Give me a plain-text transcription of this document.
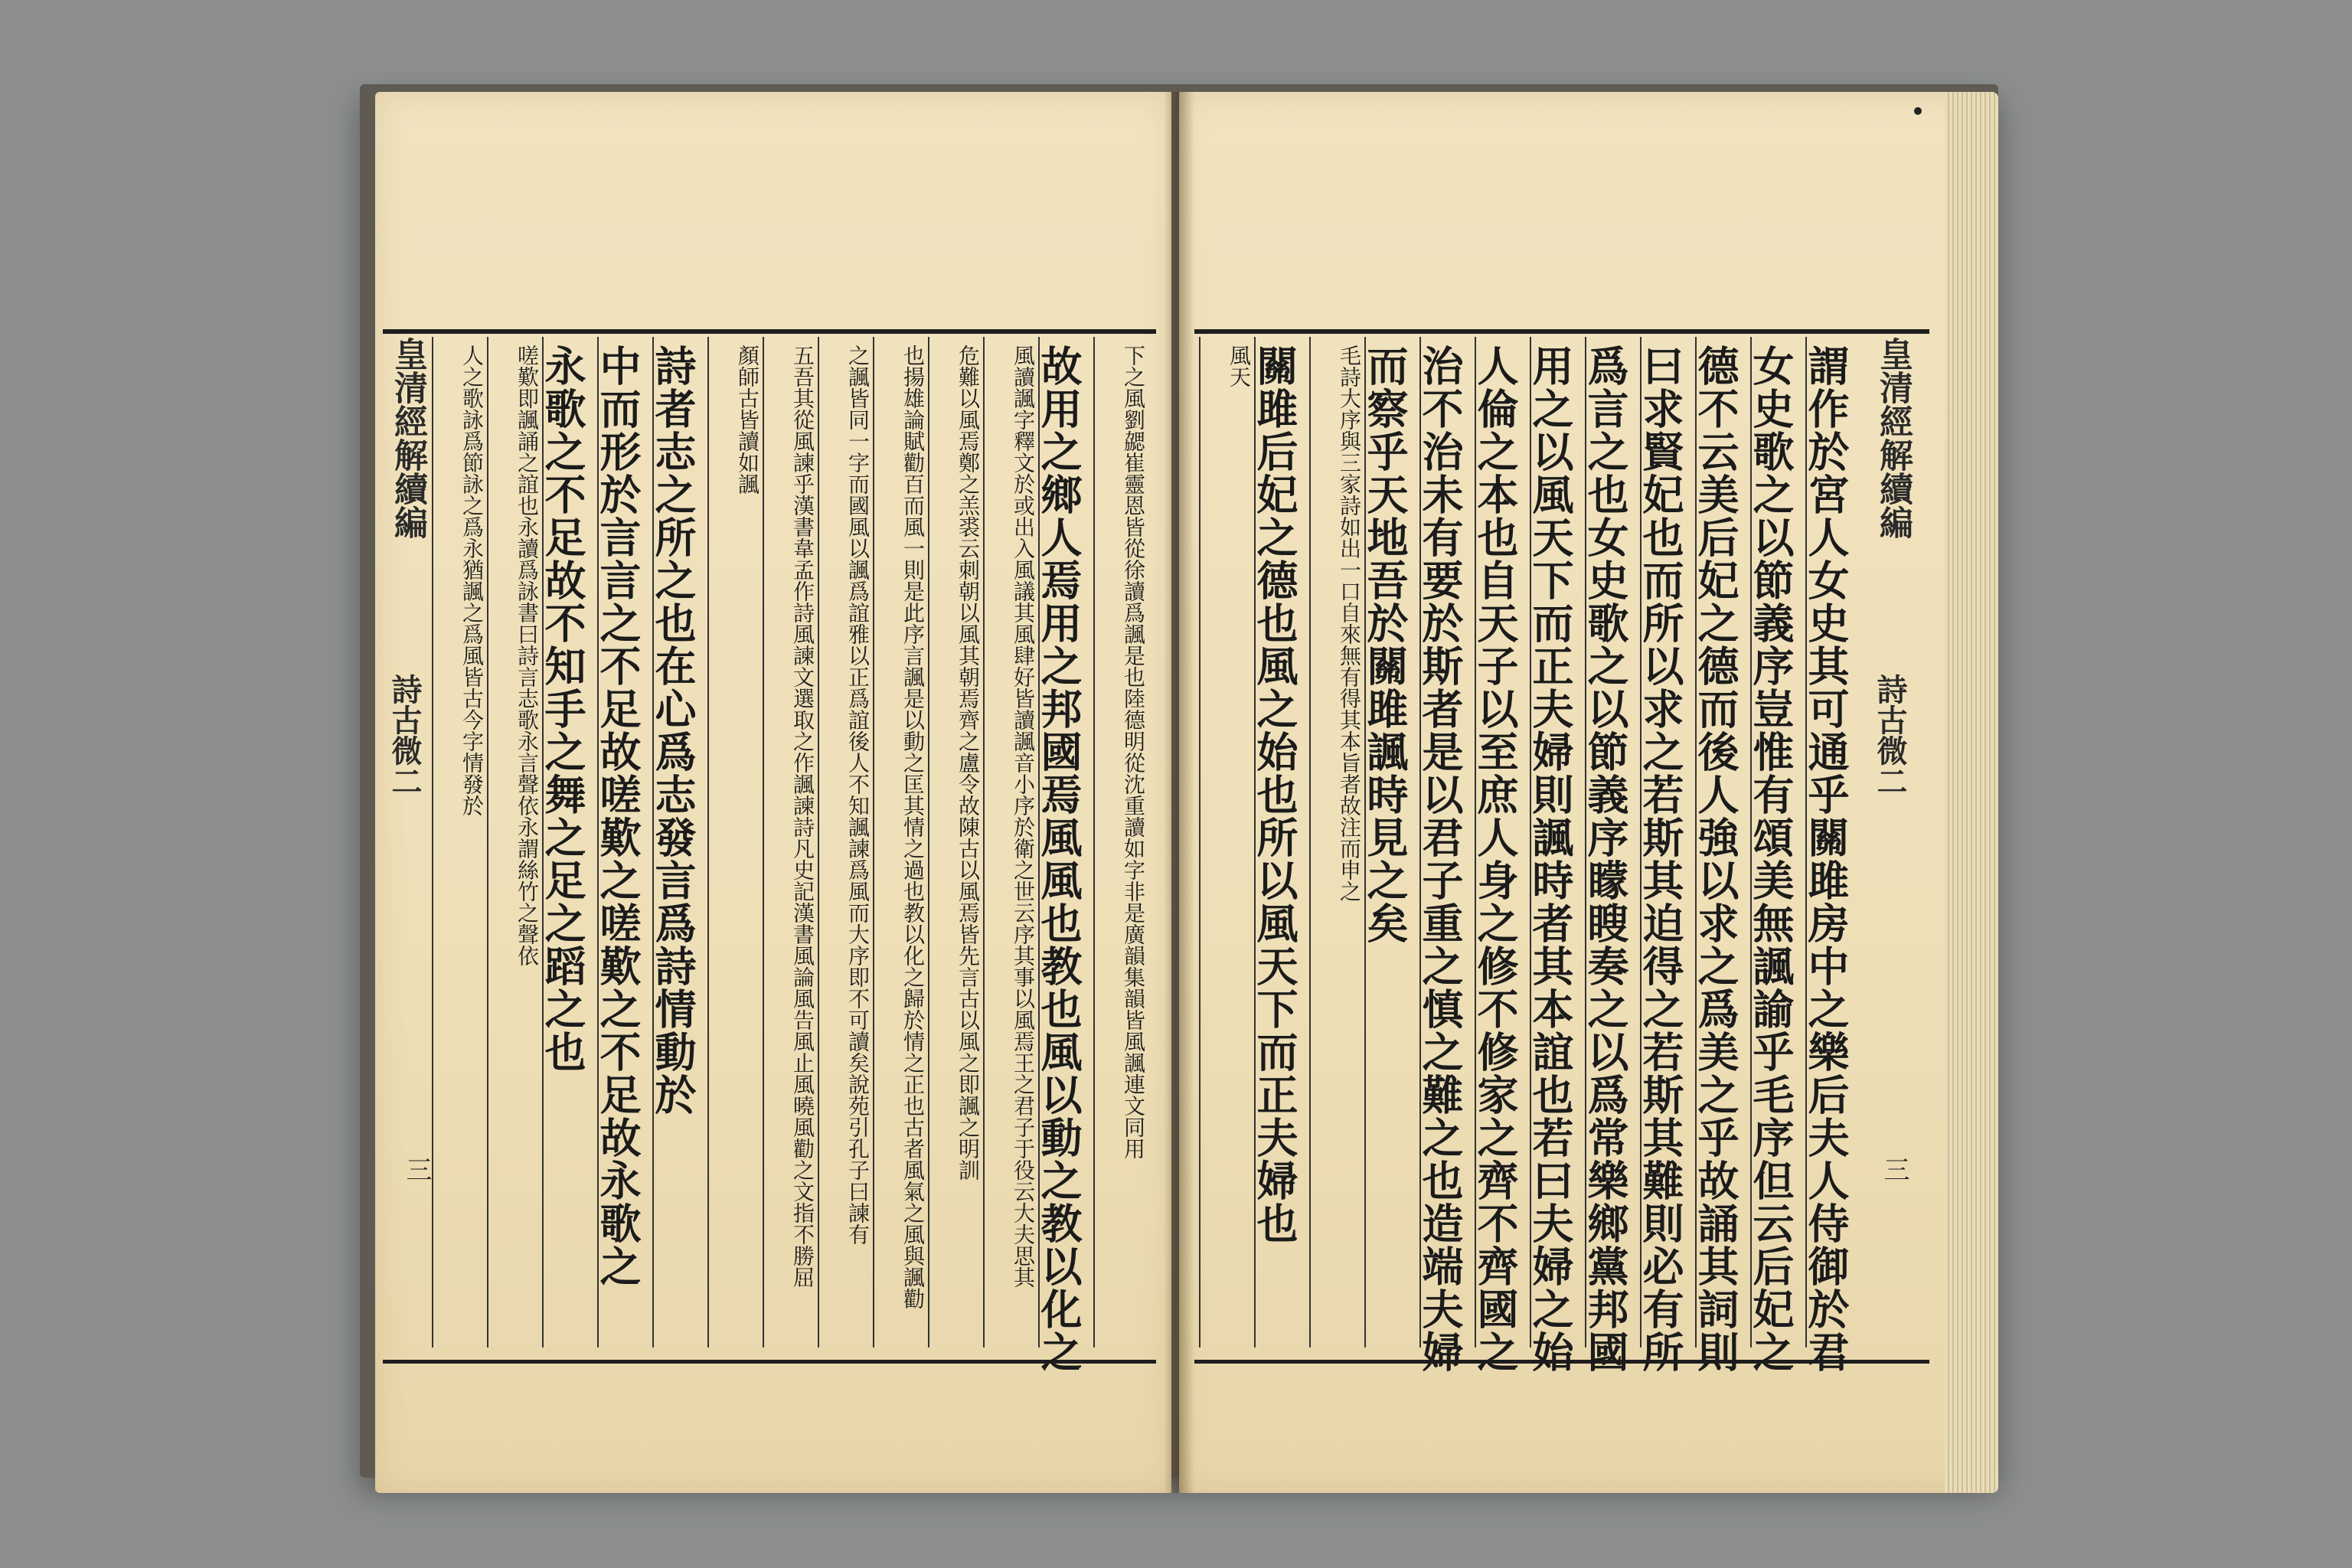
皇清經解續編
詩古微二
三
皇清經解續編
詩古微二
三
下之風劉勰崔靈恩皆從徐讀爲諷是也陸德明從沈重讀如字非是廣韻集韻皆風諷連文同用
故用之鄉人焉用之邦國焉風風也教也風以動之教以化之
風讀諷字釋文於或出入風議其風肆好皆讀諷音小序於衛之世云序其事以風焉王之君子于役云大夫思其
危難以風焉鄭之羔裘云刺朝以風其朝焉齊之盧令故陳古以風焉皆先言古以風之即諷之明訓
也揚雄論賦勸百而風一則是此序言諷是以動之匡其情之過也教以化之歸於情之正也古者風氣之風與諷勸
之諷皆同一字而國風以諷爲誼雅以正爲誼後人不知諷諫爲風而大序即不可讀矣說苑引孔子曰諫有
五吾其從風諫乎漢書韋孟作詩風諫文選取之作諷諫詩凡史記漢書風論風告風止風曉風勸之文指不勝屈
顏師古皆讀如諷
詩者志之所之也在心爲志發言爲詩情動於
中而形於言言之不足故嗟歎之嗟歎之不足故永歌之
永歌之不足故不知手之舞之足之蹈之也
嗟歎即諷誦之誼也永讀爲詠書曰詩言志歌永言聲依永謂絲竹之聲依
人之歌詠爲節詠之爲永猶諷之爲風皆古今字情發於	謂作於宮人女史其可通乎關雎房中之樂后夫人侍御於君
女史歌之以節義序豈惟有頌美無諷諭乎毛序但云后妃之
德不云美后妃之德而後人強以求之爲美之乎故誦其詞則
曰求賢妃也而所以求之若斯其迫得之若斯其難則必有所
爲言之也女史歌之以節義序矇瞍奏之以爲常樂鄉黨邦國
用之以風天下而正夫婦則諷時者其本誼也若曰夫婦之始
人倫之本也自天子以至庶人身之修不修家之齊不齊國之
治不治未有要於斯者是以君子重之慎之難之也造端夫婦
而察乎天地吾於關雎諷時見之矣
毛詩大序與三家詩如出一口自來無有得其本旨者故注而申之
關雎后妃之德也風之始也所以風天下而正夫婦也
風天
